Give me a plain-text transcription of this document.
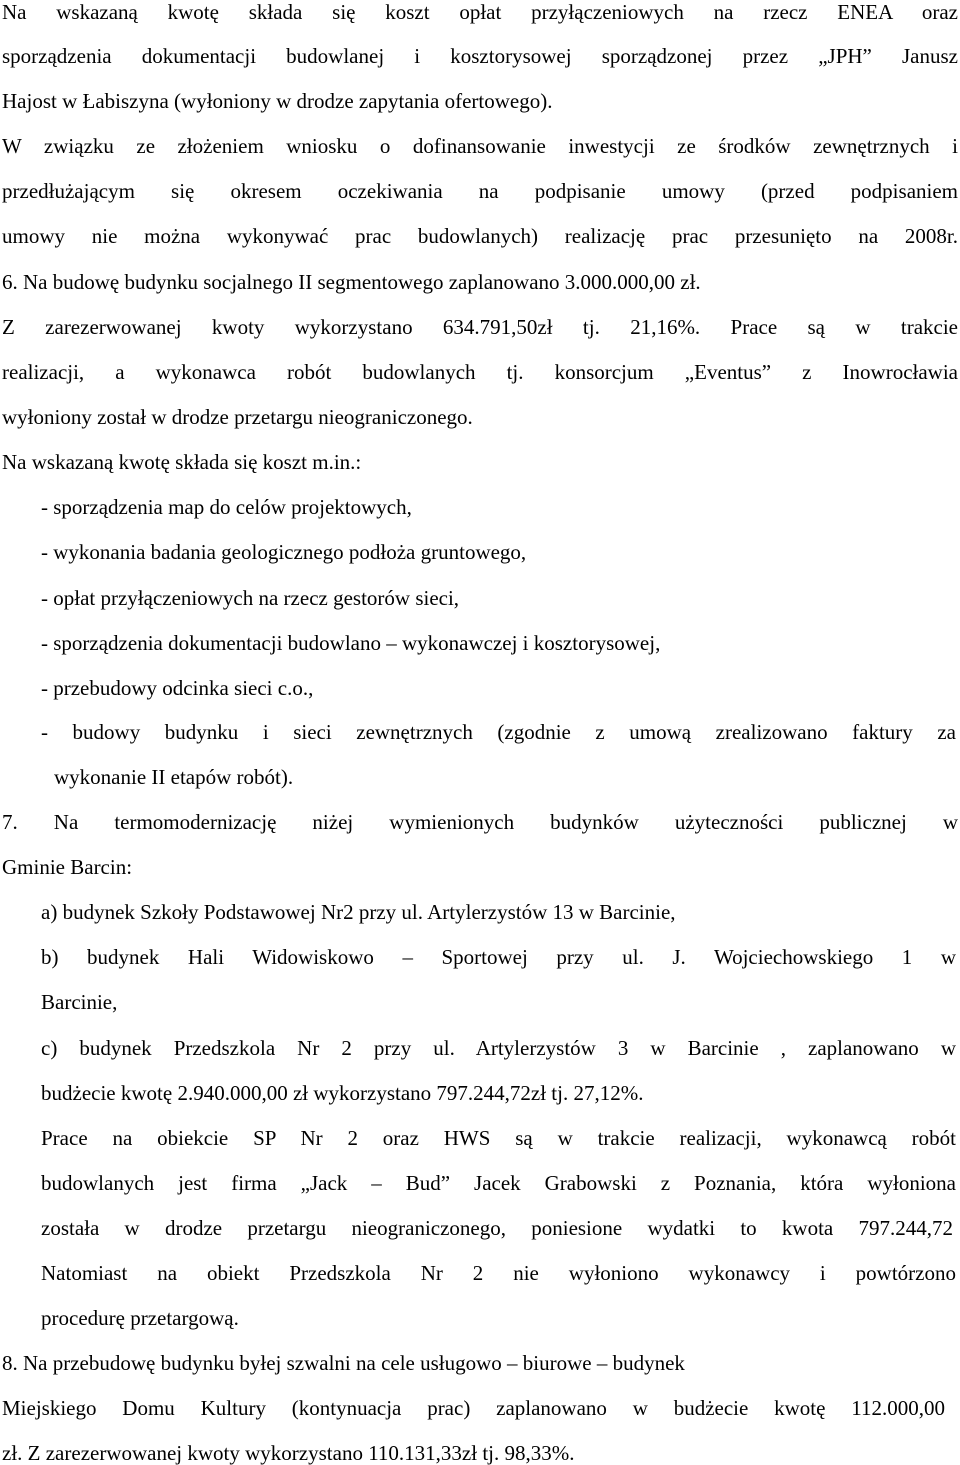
Na wskazaną kwotę składa się koszt opłat przyłączeniowych na rzecz ENEA oraz
sporządzenia dokumentacji budowlanej i kosztorysowej sporządzonej przez „JPH” Janusz
Hajost w Łabiszyna (wyłoniony w drodze zapytania ofertowego).
W związku ze złożeniem wniosku o dofinansowanie inwestycji ze środków zewnętrznych i
przedłużającym się okresem oczekiwania na podpisanie umowy (przed podpisaniem
umowy nie można wykonywać prac budowlanych) realizację prac przesunięto na 2008r.
6. Na budowę budynku socjalnego II segmentowego zaplanowano 3.000.000,00 zł.
Z zarezerwowanej kwoty wykorzystano 634.791,50zł tj. 21,16%. Prace są w trakcie
realizacji, a wykonawca robót budowlanych tj. konsorcjum „Eventus” z Inowrocławia
wyłoniony został w drodze przetargu nieograniczonego.
Na wskazaną kwotę składa się koszt m.in.:
- sporządzenia map do celów projektowych,
- wykonania badania geologicznego podłoża gruntowego,
- opłat przyłączeniowych na rzecz gestorów sieci,
- sporządzenia dokumentacji budowlano – wykonawczej i kosztorysowej,
- przebudowy odcinka sieci c.o.,
- budowy budynku i sieci zewnętrznych (zgodnie z umową zrealizowano faktury za
wykonanie II etapów robót).
7. Na termomodernizację niżej wymienionych budynków użyteczności publicznej w
Gminie Barcin:
a) budynek Szkoły Podstawowej Nr2 przy ul. Artylerzystów 13 w Barcinie,
b) budynek Hali Widowiskowo – Sportowej przy ul. J. Wojciechowskiego 1 w
Barcinie,
c) budynek Przedszkola Nr 2 przy ul. Artylerzystów 3 w Barcinie , zaplanowano w
budżecie kwotę 2.940.000,00 zł wykorzystano 797.244,72zł tj. 27,12%.
Prace na obiekcie SP Nr 2 oraz HWS są w trakcie realizacji, wykonawcą robót
budowlanych jest firma „Jack – Bud” Jacek Grabowski z Poznania, która wyłoniona
została w drodze przetargu nieograniczonego, poniesione wydatki to kwota 797.244,72
Natomiast na obiekt Przedszkola Nr 2 nie wyłoniono wykonawcy i powtórzono
procedurę przetargową.
8. Na przebudowę budynku byłej szwalni na cele usługowo – biurowe – budynek
Miejskiego Domu Kultury (kontynuacja prac) zaplanowano w budżecie kwotę 112.000,00
zł. Z zarezerwowanej kwoty wykorzystano 110.131,33zł tj. 98,33%.
